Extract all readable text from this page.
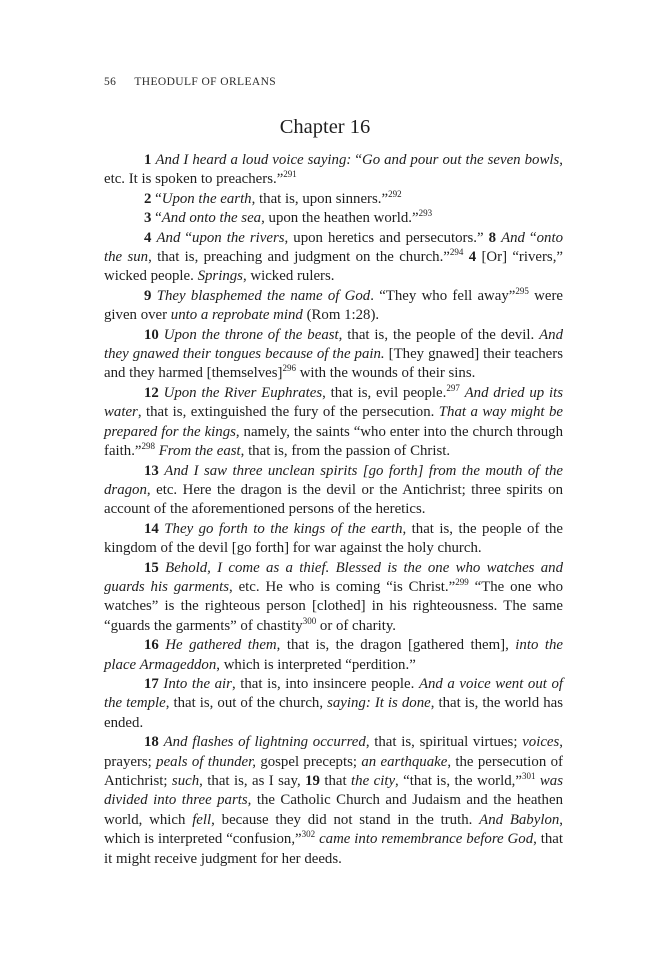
56 THEODULF OF ORLEANS
Chapter 16

1 And I heard a loud voice saying: “Go and pour out the seven bowls, etc. It is spoken to preachers.”$^{291}$

2 “Upon the earth, that is, upon sinners.”$^{292}$

3 “And onto the sea, upon the heathen world.”$^{293}$

4 And “upon the rivers, upon heretics and persecutors.” 8 And “onto the sun, that is, preaching and judgment on the church.”$^{294}$ 4 [Or] “rivers,” wicked people. Springs, wicked rulers.

9 They blasphemed the name of God. “They who fell away”$^{295}$ were given over unto a reprobate mind (Rom 1:28).

10 Upon the throne of the beast, that is, the people of the devil. And they gnawed their tongues because of the pain. [They gnawed] their teachers and they harmed [themselves]$^{296}$ with the wounds of their sins.

12 Upon the River Euphrates, that is, evil people.$^{297}$ And dried up its water, that is, extinguished the fury of the persecution. That a way might be prepared for the kings, namely, the saints “who enter into the church through faith.”$^{298}$ From the east, that is, from the passion of Christ.

13 And I saw three unclean spirits [go forth] from the mouth of the dragon, etc. Here the dragon is the devil or the Antichrist; three spirits on account of the aforementioned persons of the heretics.

14 They go forth to the kings of the earth, that is, the people of the kingdom of the devil [go forth] for war against the holy church.

15 Behold, I come as a thief. Blessed is the one who watches and guards his garments, etc. He who is coming “is Christ.”$^{299}$ “The one who watches” is the righteous person [clothed] in his righteousness. The same “guards the garments” of chastity$^{300}$ or of charity.

16 He gathered them, that is, the dragon [gathered them], into the place Armageddon, which is interpreted “perdition.”

17 Into the air, that is, into insincere people. And a voice went out of the temple, that is, out of the church, saying: It is done, that is, the world has ended.

18 And flashes of lightning occurred, that is, spiritual virtues; voices, prayers; peals of thunder, gospel precepts; an earthquake, the persecution of Antichrist; such, that is, as I say, 19 that the city, “that is, the world,”$^{301}$ was divided into three parts, the Catholic Church and Judaism and the heathen world, which fell, because they did not stand in the truth. And Babylon, which is interpreted “confusion,”$^{302}$ came into remembrance before God, that it might receive judgment for her deeds.
